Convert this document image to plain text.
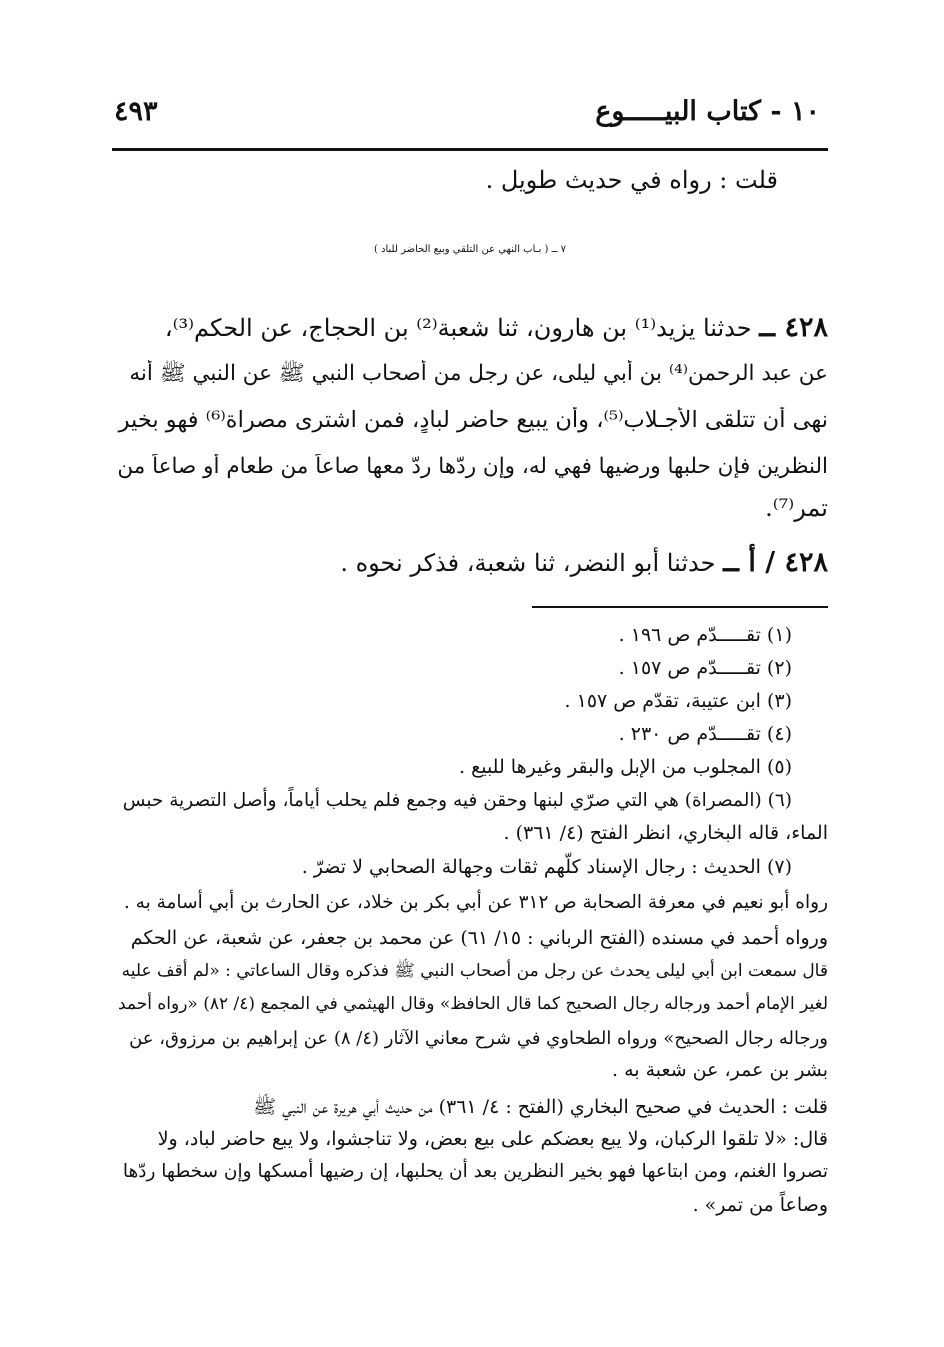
١٠ - كتاب البيـــــوع
٤٩٣
قلت : رواه في حديث طويل .
٧ ــ ( بـاب النهي عن التلقي وبيع الحاضر للباد )
٤٢٨ ــ حدثنا يزيد⁽¹⁾ بن هارون، ثنا شعبة⁽²⁾ بن الحجاج، عن الحكم⁽³⁾،
عن عبد الرحمن⁽⁴⁾ بن أبي ليلى، عن رجل من أصحاب النبي ﷺ عن النبي ﷺ أنه
نهى أن تتلقى الأجـلاب⁽⁵⁾، وأن يبيع حاضر لبادٍ، فمن اشترى مصراة⁽⁶⁾ فهو بخير
النظرين فإن حلبها ورضيها فهي له، وإن ردّها ردّ معها صاعاً من طعام أو صاعاً من
تمر⁽⁷⁾.
٤٢٨ / أ ــ حدثنا أبو النضر، ثنا شعبة، فذكر نحوه .
(١) تقـــــدّم ص ١٩٦ .
(٢) تقـــــدّم ص ١٥٧ .
(٣) ابن عتيبة، تقدّم ص ١٥٧ .
(٤) تقـــــدّم ص ٢٣٠ .
(٥) المجلوب من الإبل والبقر وغيرها للبيع .
(٦) (المصراة) هي التي صرّي لبنها وحقن فيه وجمع فلم يحلب أياماً، وأصل التصرية حبس
الماء، قاله البخاري، انظر الفتح (٤/ ٣٦١) .
(٧) الحديث : رجال الإسناد كلّهم ثقات وجهالة الصحابي لا تضرّ .
رواه أبو نعيم في معرفة الصحابة ص ٣١٢ عن أبي بكر بن خلاد، عن الحارث بن أبي أسامة به .
ورواه أحمد في مسنده (الفتح الرباني : ١٥/ ٦١) عن محمد بن جعفر، عن شعبة، عن الحكم
قال سمعت ابن أبي ليلى يحدث عن رجل من أصحاب النبي ﷺ فذكره وقال الساعاتي : «لم أقف عليه
لغير الإمام أحمد ورجاله رجال الصحيح كما قال الحافظ» وقال الهيثمي في المجمع (٤/ ٨٢) «رواه أحمد
ورجاله رجال الصحيح» ورواه الطحاوي في شرح معاني الآثار (٤/ ٨) عن إبراهيم بن مرزوق، عن
بشر بن عمر، عن شعبة به .
قلت : الحديث في صحيح البخاري (الفتح : ٤/ ٣٦١) من حديث أبي هريرة عن النبي ﷺ
قال: «لا تلقوا الركبان، ولا يبع بعضكم على بيع بعض، ولا تناجشوا، ولا يبع حاضر لباد، ولا
تصروا الغنم، ومن ابتاعها فهو بخير النظرين بعد أن يحلبها، إن رضيها أمسكها وإن سخطها ردّها
وصاعاً من تمر» .
